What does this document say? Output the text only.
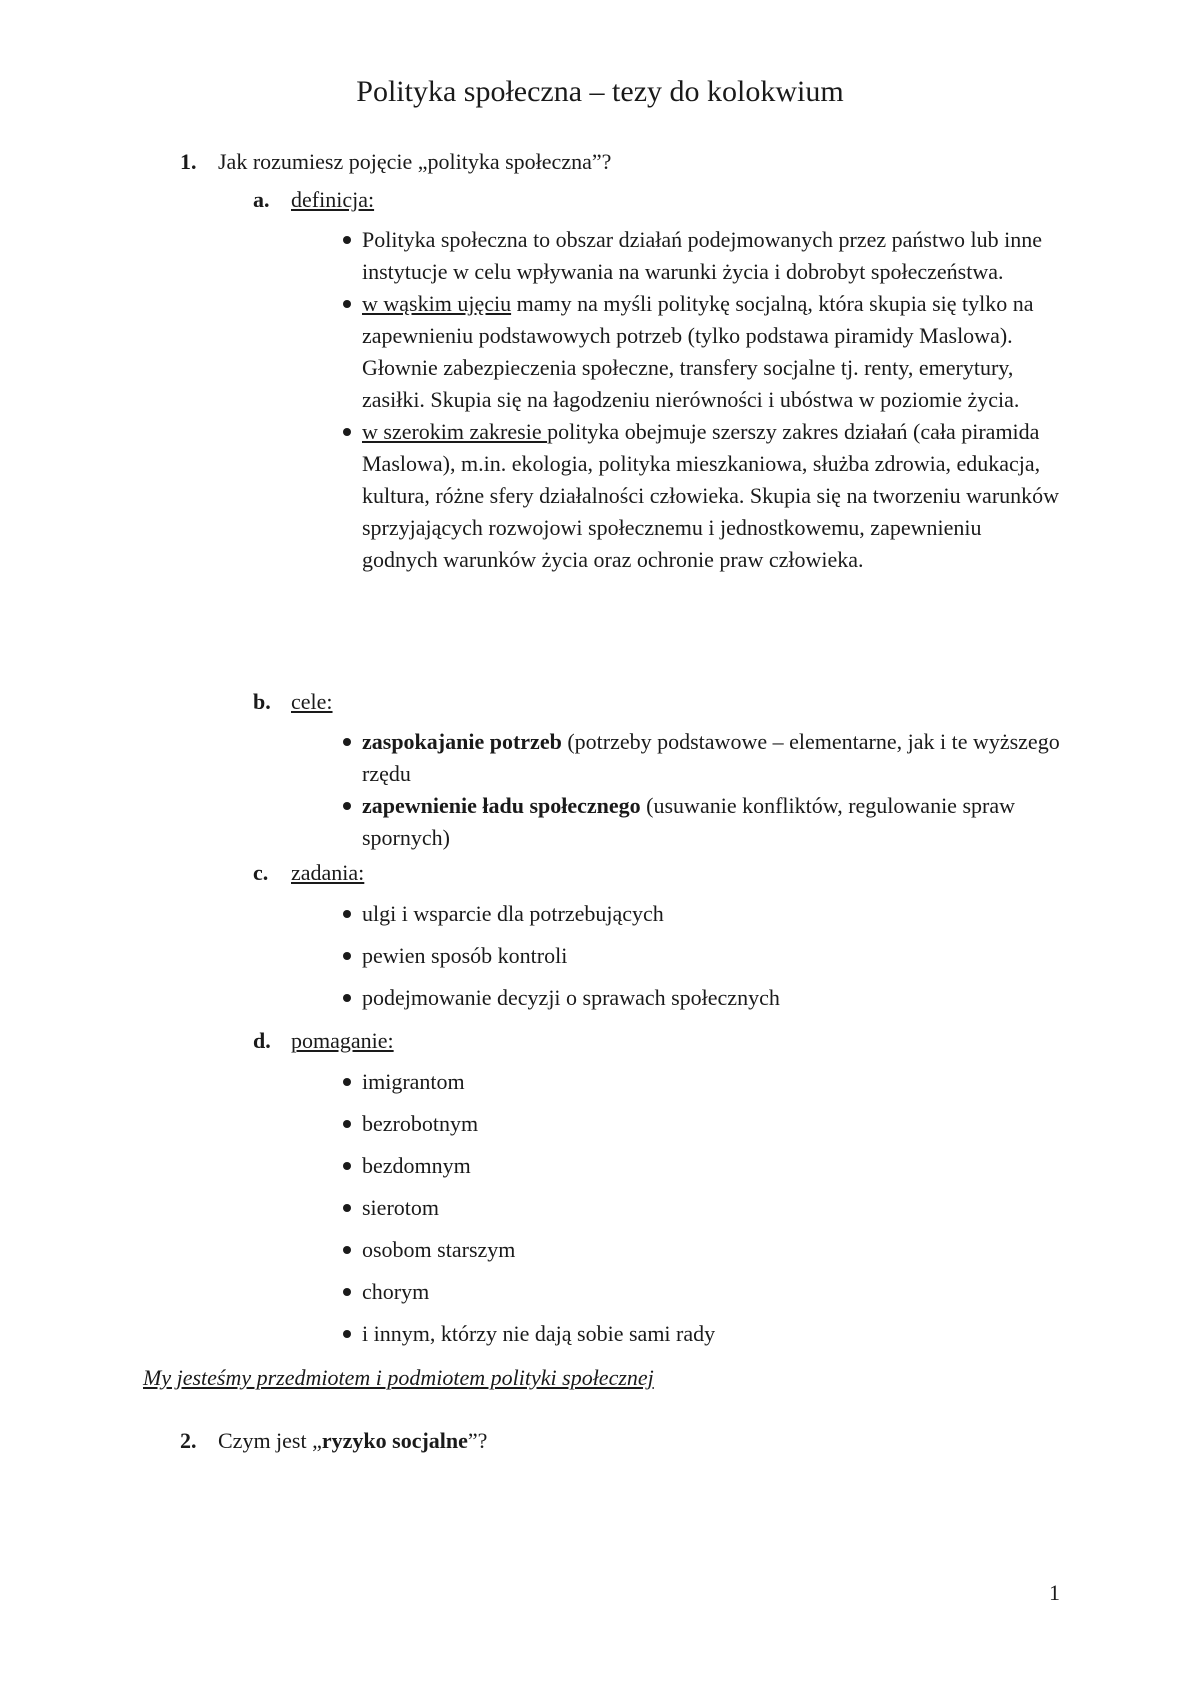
Polityka społeczna – tezy do kolokwium
1. Jak rozumiesz pojęcie „polityka społeczna”?
a. definicja:
Polityka społeczna to obszar działań podejmowanych przez państwo lub inne instytucje w celu wpływania na warunki życia i dobrobyt społeczeństwa.
w wąskim ujęciu mamy na myśli politykę socjalną, która skupia się tylko na zapewnieniu podstawowych potrzeb (tylko podstawa piramidy Maslowa). Głownie zabezpieczenia społeczne, transfery socjalne tj. renty, emerytury, zasiłki. Skupia się na łagodzeniu nierówności i ubóstwa w poziomie życia.
w szerokim zakresie polityka obejmuje szerszy zakres działań (cała piramida Maslowa), m.in. ekologia, polityka mieszkaniowa, służba zdrowia, edukacja, kultura, różne sfery działalności człowieka. Skupia się na tworzeniu warunków sprzyjających rozwojowi społecznemu i jednostkowemu, zapewnieniu godnych warunków życia oraz ochronie praw człowieka.
b. cele:
zaspokajanie potrzeb (potrzeby podstawowe – elementarne, jak i te wyższego rzędu
zapewnienie ładu społecznego (usuwanie konfliktów, regulowanie spraw spornych)
c. zadania:
ulgi i wsparcie dla potrzebujących
pewien sposób kontroli
podejmowanie decyzji o sprawach społecznych
d. pomaganie:
imigrantom
bezrobotnym
bezdomnym
sierotom
osobom starszym
chorym
i innym, którzy nie dają sobie sami rady
My jesteśmy przedmiotem i podmiotem polityki społecznej
2. Czym jest „ryzyko socjalne”?
1
